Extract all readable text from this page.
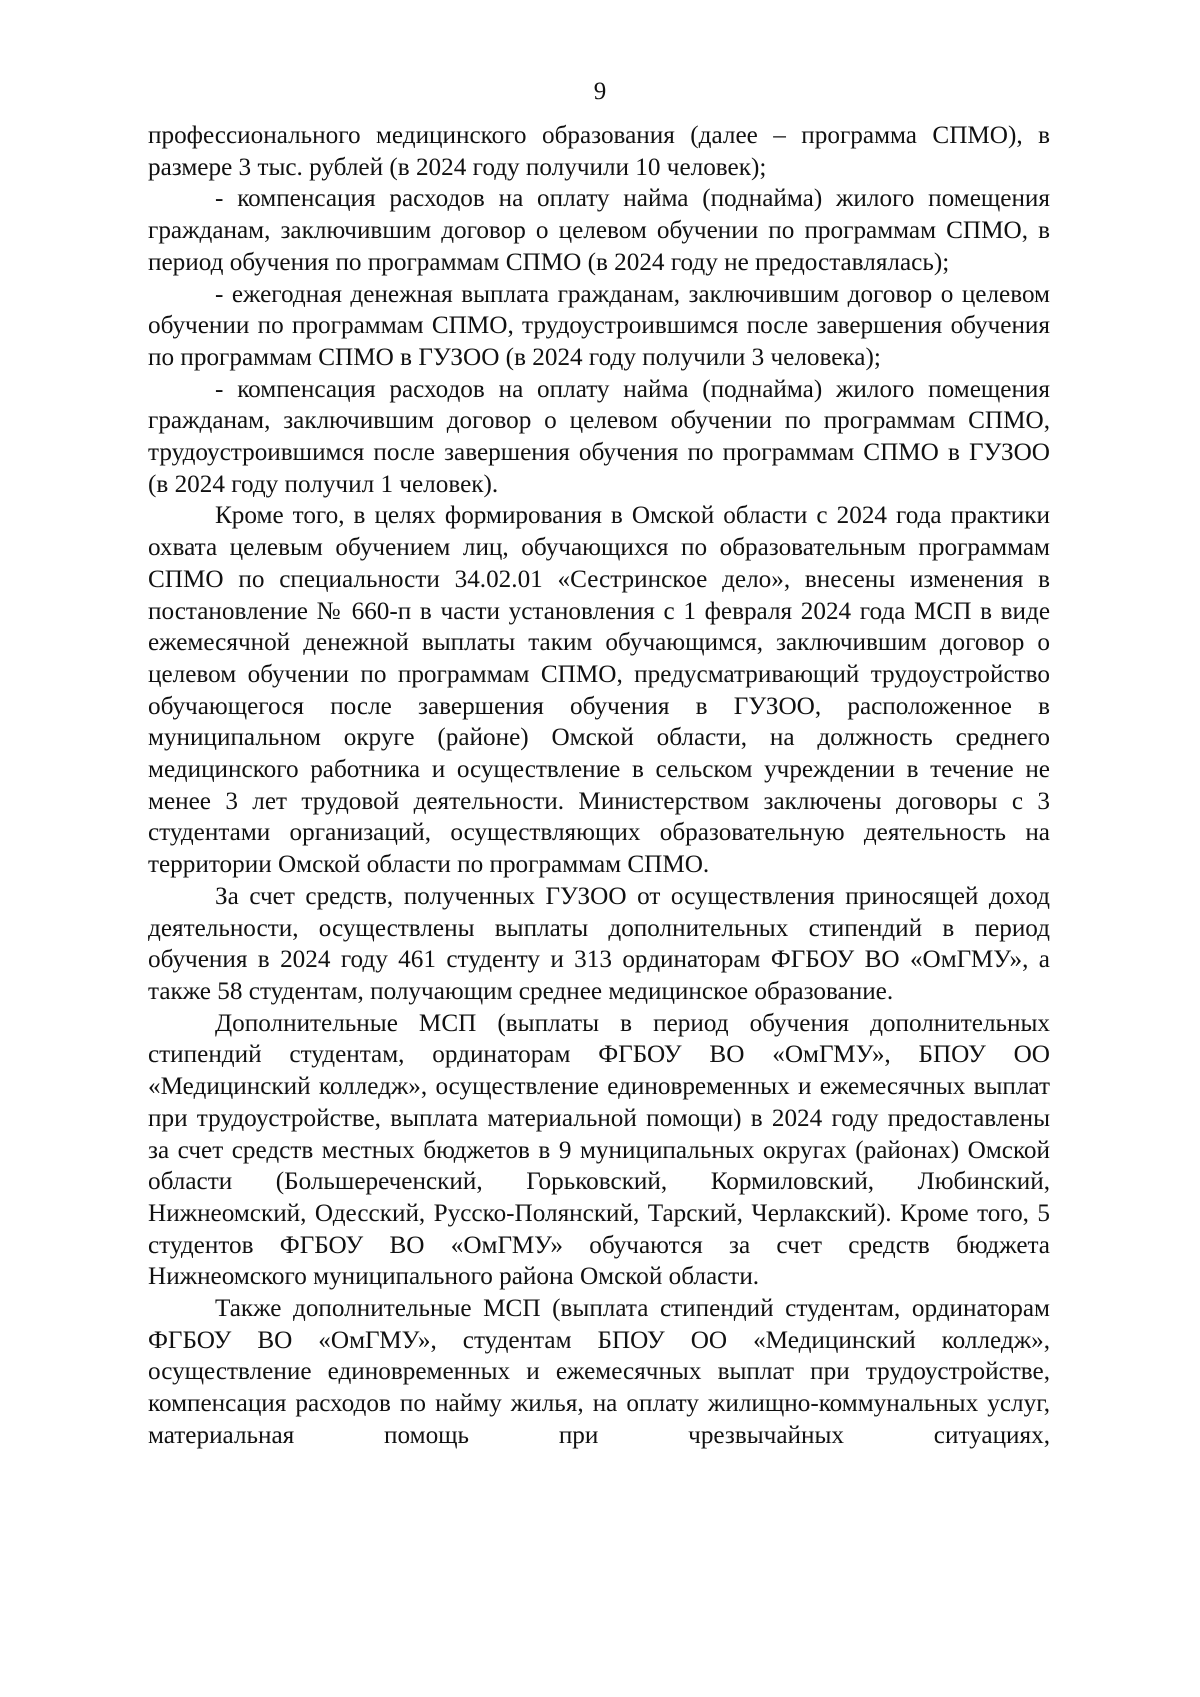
9

профессионального медицинского образования (далее – программа СПМО), в размере 3 тыс. рублей (в 2024 году получили 10 человек);

- компенсация расходов на оплату найма (поднайма) жилого помещения гражданам, заключившим договор о целевом обучении по программам СПМО, в период обучения по программам СПМО (в 2024 году не предоставлялась);

- ежегодная денежная выплата гражданам, заключившим договор о целевом обучении по программам СПМО, трудоустроившимся после завершения обучения по программам СПМО в ГУЗОО (в 2024 году получили 3 человека);

- компенсация расходов на оплату найма (поднайма) жилого помещения гражданам, заключившим договор о целевом обучении по программам СПМО, трудоустроившимся после завершения обучения по программам СПМО в ГУЗОО (в 2024 году получил 1 человек).

Кроме того, в целях формирования в Омской области с 2024 года практики охвата целевым обучением лиц, обучающихся по образовательным программам СПМО по специальности 34.02.01 «Сестринское дело», внесены изменения в постановление № 660-п в части установления с 1 февраля 2024 года МСП в виде ежемесячной денежной выплаты таким обучающимся, заключившим договор о целевом обучении по программам СПМО, предусматривающий трудоустройство обучающегося после завершения обучения в ГУЗОО, расположенное в муниципальном округе (районе) Омской области, на должность среднего медицинского работника и осуществление в сельском учреждении в течение не менее 3 лет трудовой деятельности. Министерством заключены договоры с 3 студентами организаций, осуществляющих образовательную деятельность на территории Омской области по программам СПМО.

За счет средств, полученных ГУЗОО от осуществления приносящей доход деятельности, осуществлены выплаты дополнительных стипендий в период обучения в 2024 году 461 студенту и 313 ординаторам ФГБОУ ВО «ОмГМУ», а также 58 студентам, получающим среднее медицинское образование.

Дополнительные МСП (выплаты в период обучения дополнительных стипендий студентам, ординаторам ФГБОУ ВО «ОмГМУ», БПОУ ОО «Медицинский колледж», осуществление единовременных и ежемесячных выплат при трудоустройстве, выплата материальной помощи) в 2024 году предоставлены за счет средств местных бюджетов в 9 муниципальных округах (районах) Омской области (Большереченский, Горьковский, Кормиловский, Любинский, Нижнеомский, Одесский, Русско-Полянский, Тарский, Черлакский). Кроме того, 5 студентов ФГБОУ ВО «ОмГМУ» обучаются за счет средств бюджета Нижнеомского муниципального района Омской области.

Также дополнительные МСП (выплата стипендий студентам, ординаторам ФГБОУ ВО «ОмГМУ», студентам БПОУ ОО «Медицинский колледж», осуществление единовременных и ежемесячных выплат при трудоустройстве, компенсация расходов по найму жилья, на оплату жилищно-коммунальных услуг, материальная помощь при чрезвычайных ситуациях,
